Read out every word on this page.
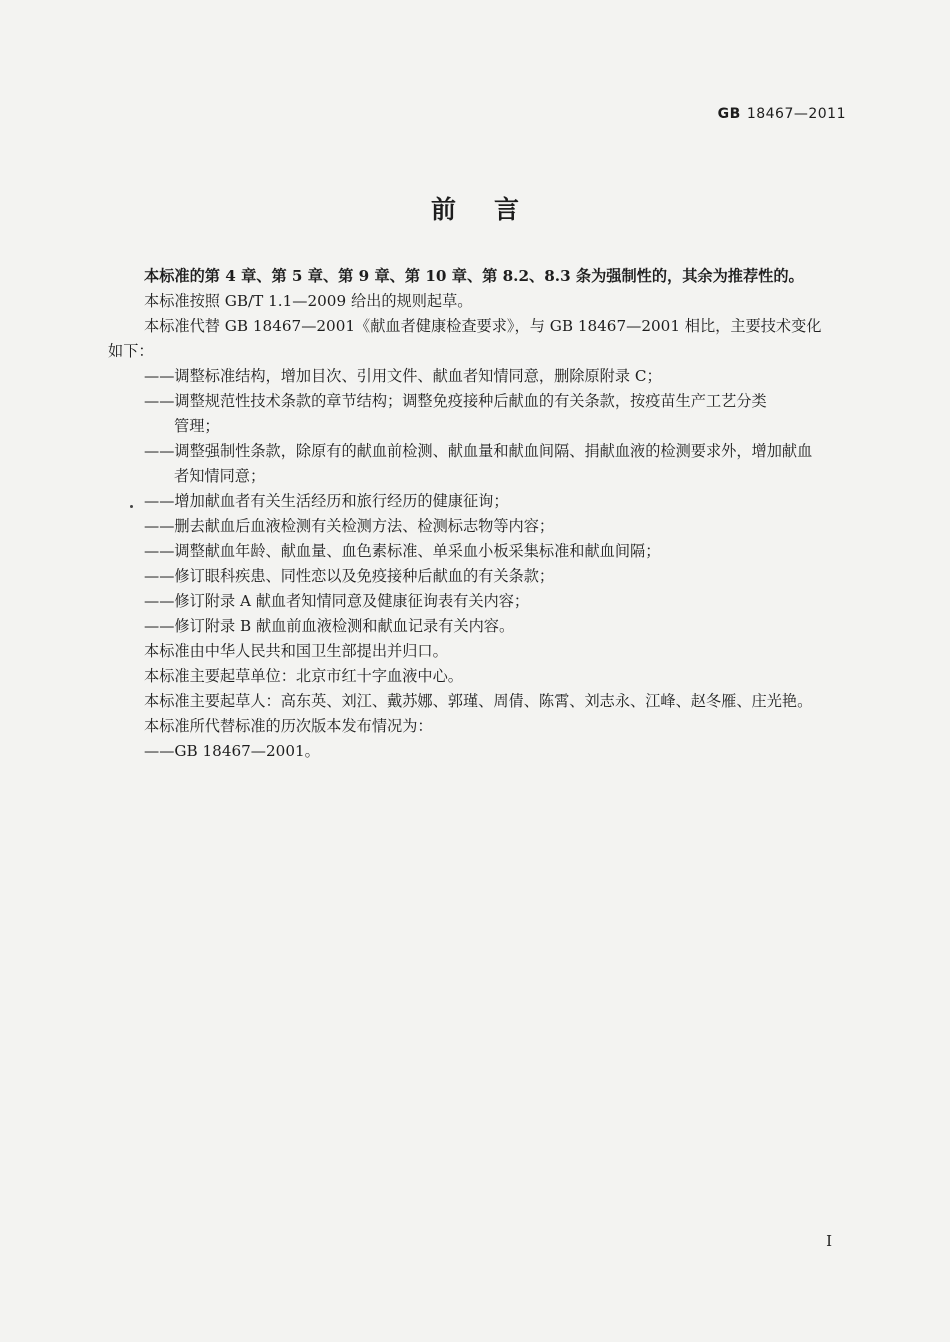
GB 18467—2011
前言
本标准的第 4 章、第 5 章、第 9 章、第 10 章、第 8.2、8.3 条为强制性的，其余为推荐性的。
本标准按照 GB/T 1.1—2009 给出的规则起草。
本标准代替 GB 18467—2001《献血者健康检查要求》，与 GB 18467—2001 相比，主要技术变化
如下：
——调整标准结构，增加目次、引用文件、献血者知情同意，删除原附录 C；
——调整规范性技术条款的章节结构；调整免疫接种后献血的有关条款，按疫苗生产工艺分类
管理；
——调整强制性条款，除原有的献血前检测、献血量和献血间隔、捐献血液的检测要求外，增加献血
者知情同意；
——增加献血者有关生活经历和旅行经历的健康征询；
——删去献血后血液检测有关检测方法、检测标志物等内容；
——调整献血年龄、献血量、血色素标准、单采血小板采集标准和献血间隔；
——修订眼科疾患、同性恋以及免疫接种后献血的有关条款；
——修订附录 A 献血者知情同意及健康征询表有关内容；
——修订附录 B 献血前血液检测和献血记录有关内容。
本标准由中华人民共和国卫生部提出并归口。
本标准主要起草单位：北京市红十字血液中心。
本标准主要起草人：高东英、刘江、戴苏娜、郭瑾、周倩、陈霄、刘志永、江峰、赵冬雁、庄光艳。
本标准所代替标准的历次版本发布情况为：
——GB 18467—2001。
I
